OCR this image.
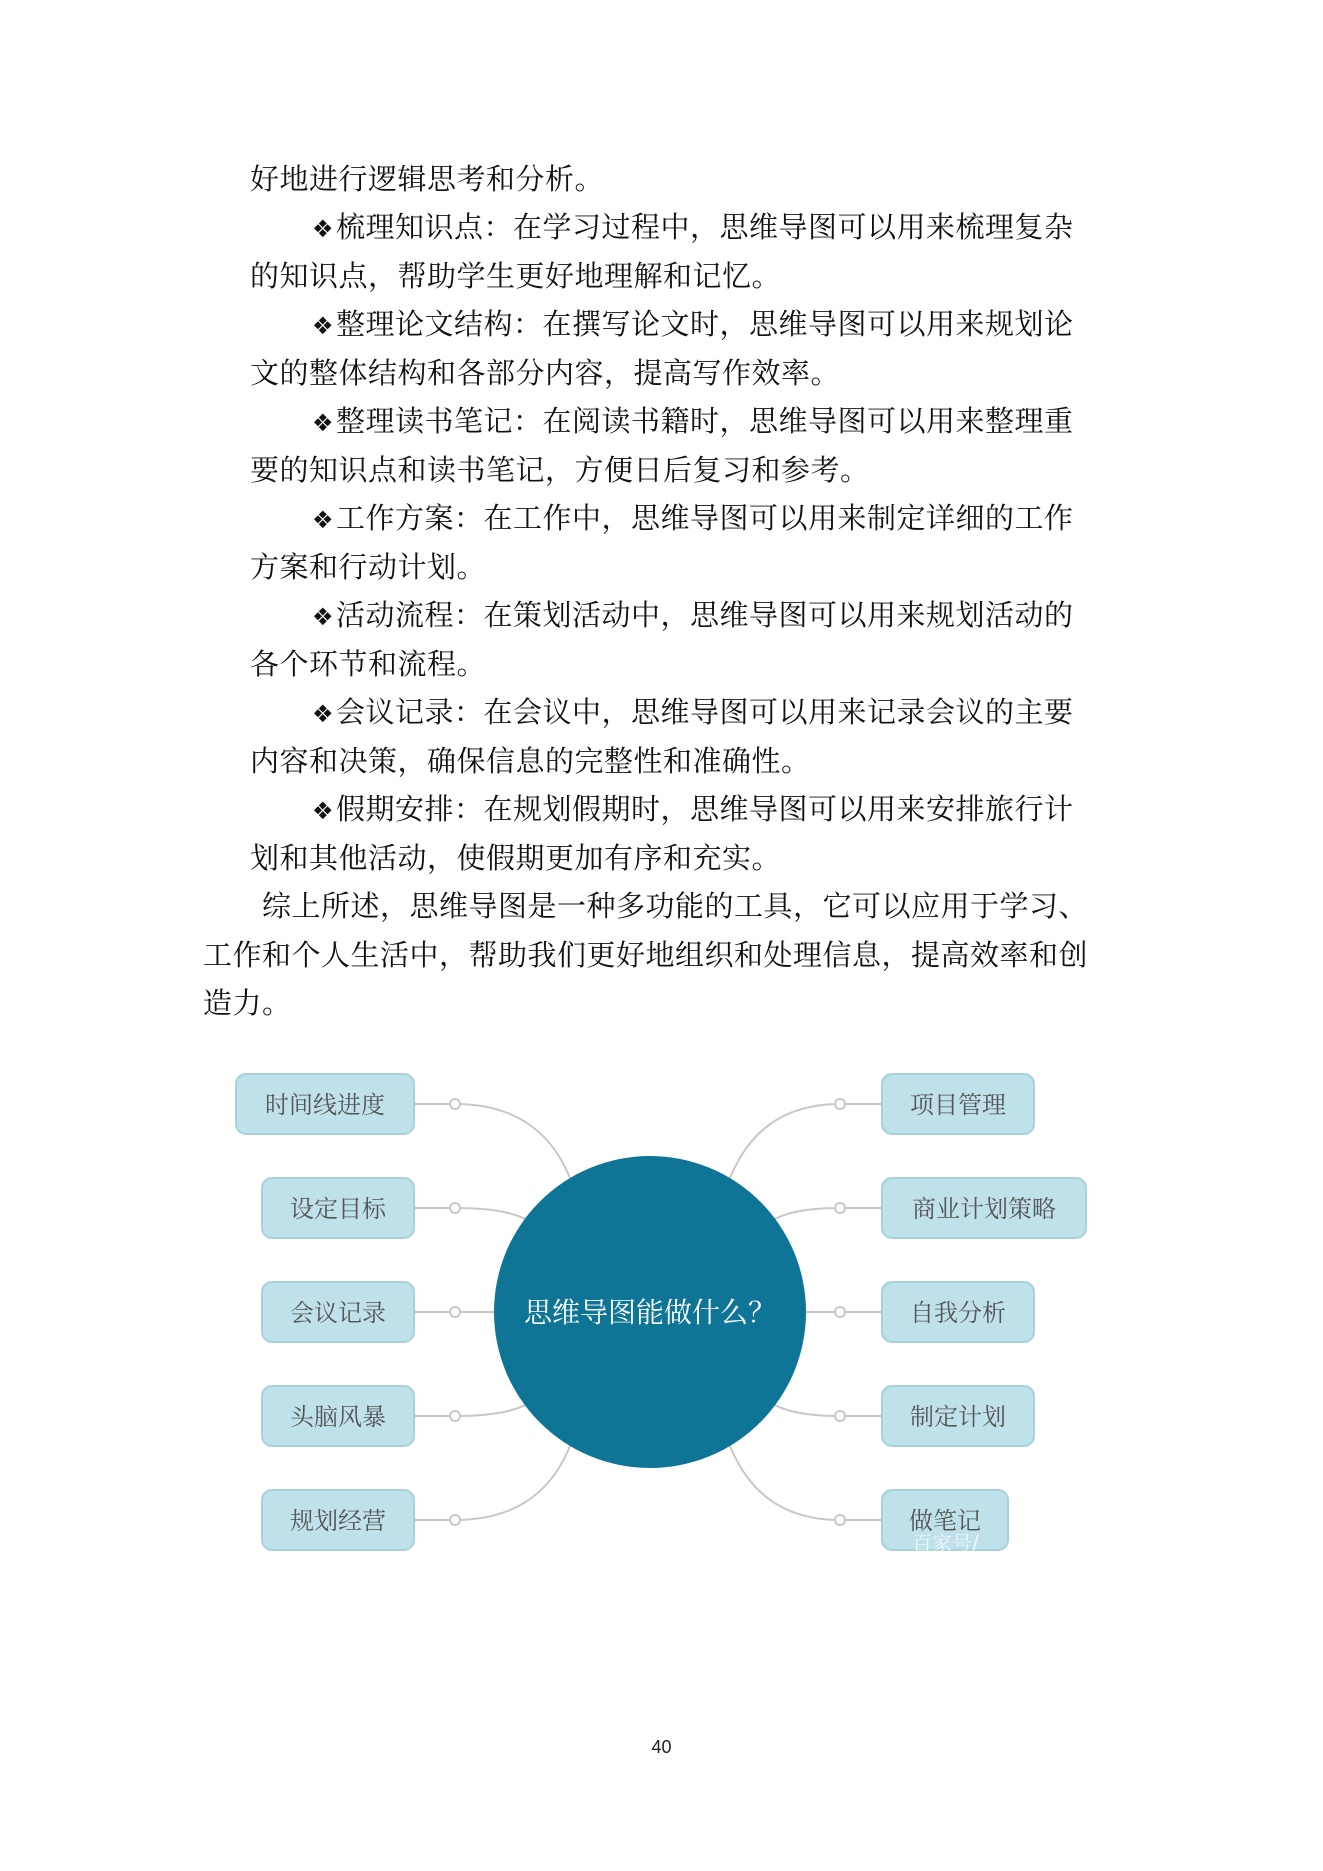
好地进行逻辑思考和分析。
❖梳理知识点：在学习过程中，思维导图可以用来梳理复杂
的知识点，帮助学生更好地理解和记忆。
❖整理论文结构：在撰写论文时，思维导图可以用来规划论
文的整体结构和各部分内容，提高写作效率。
❖整理读书笔记：在阅读书籍时，思维导图可以用来整理重
要的知识点和读书笔记，方便日后复习和参考。
❖工作方案：在工作中，思维导图可以用来制定详细的工作
方案和行动计划。
❖活动流程：在策划活动中，思维导图可以用来规划活动的
各个环节和流程。
❖会议记录：在会议中，思维导图可以用来记录会议的主要
内容和决策，确保信息的完整性和准确性。
❖假期安排：在规划假期时，思维导图可以用来安排旅行计
划和其他活动，使假期更加有序和充实。
综上所述，思维导图是一种多功能的工具，它可以应用于学习、
工作和个人生活中，帮助我们更好地组织和处理信息，提高效率和创
造力。
时间线进度
设定目标
会议记录
头脑风暴
规划经营
项目管理
商业计划策略
自我分析
制定计划
做笔记
百家号/
思维导图能做什么？
40
